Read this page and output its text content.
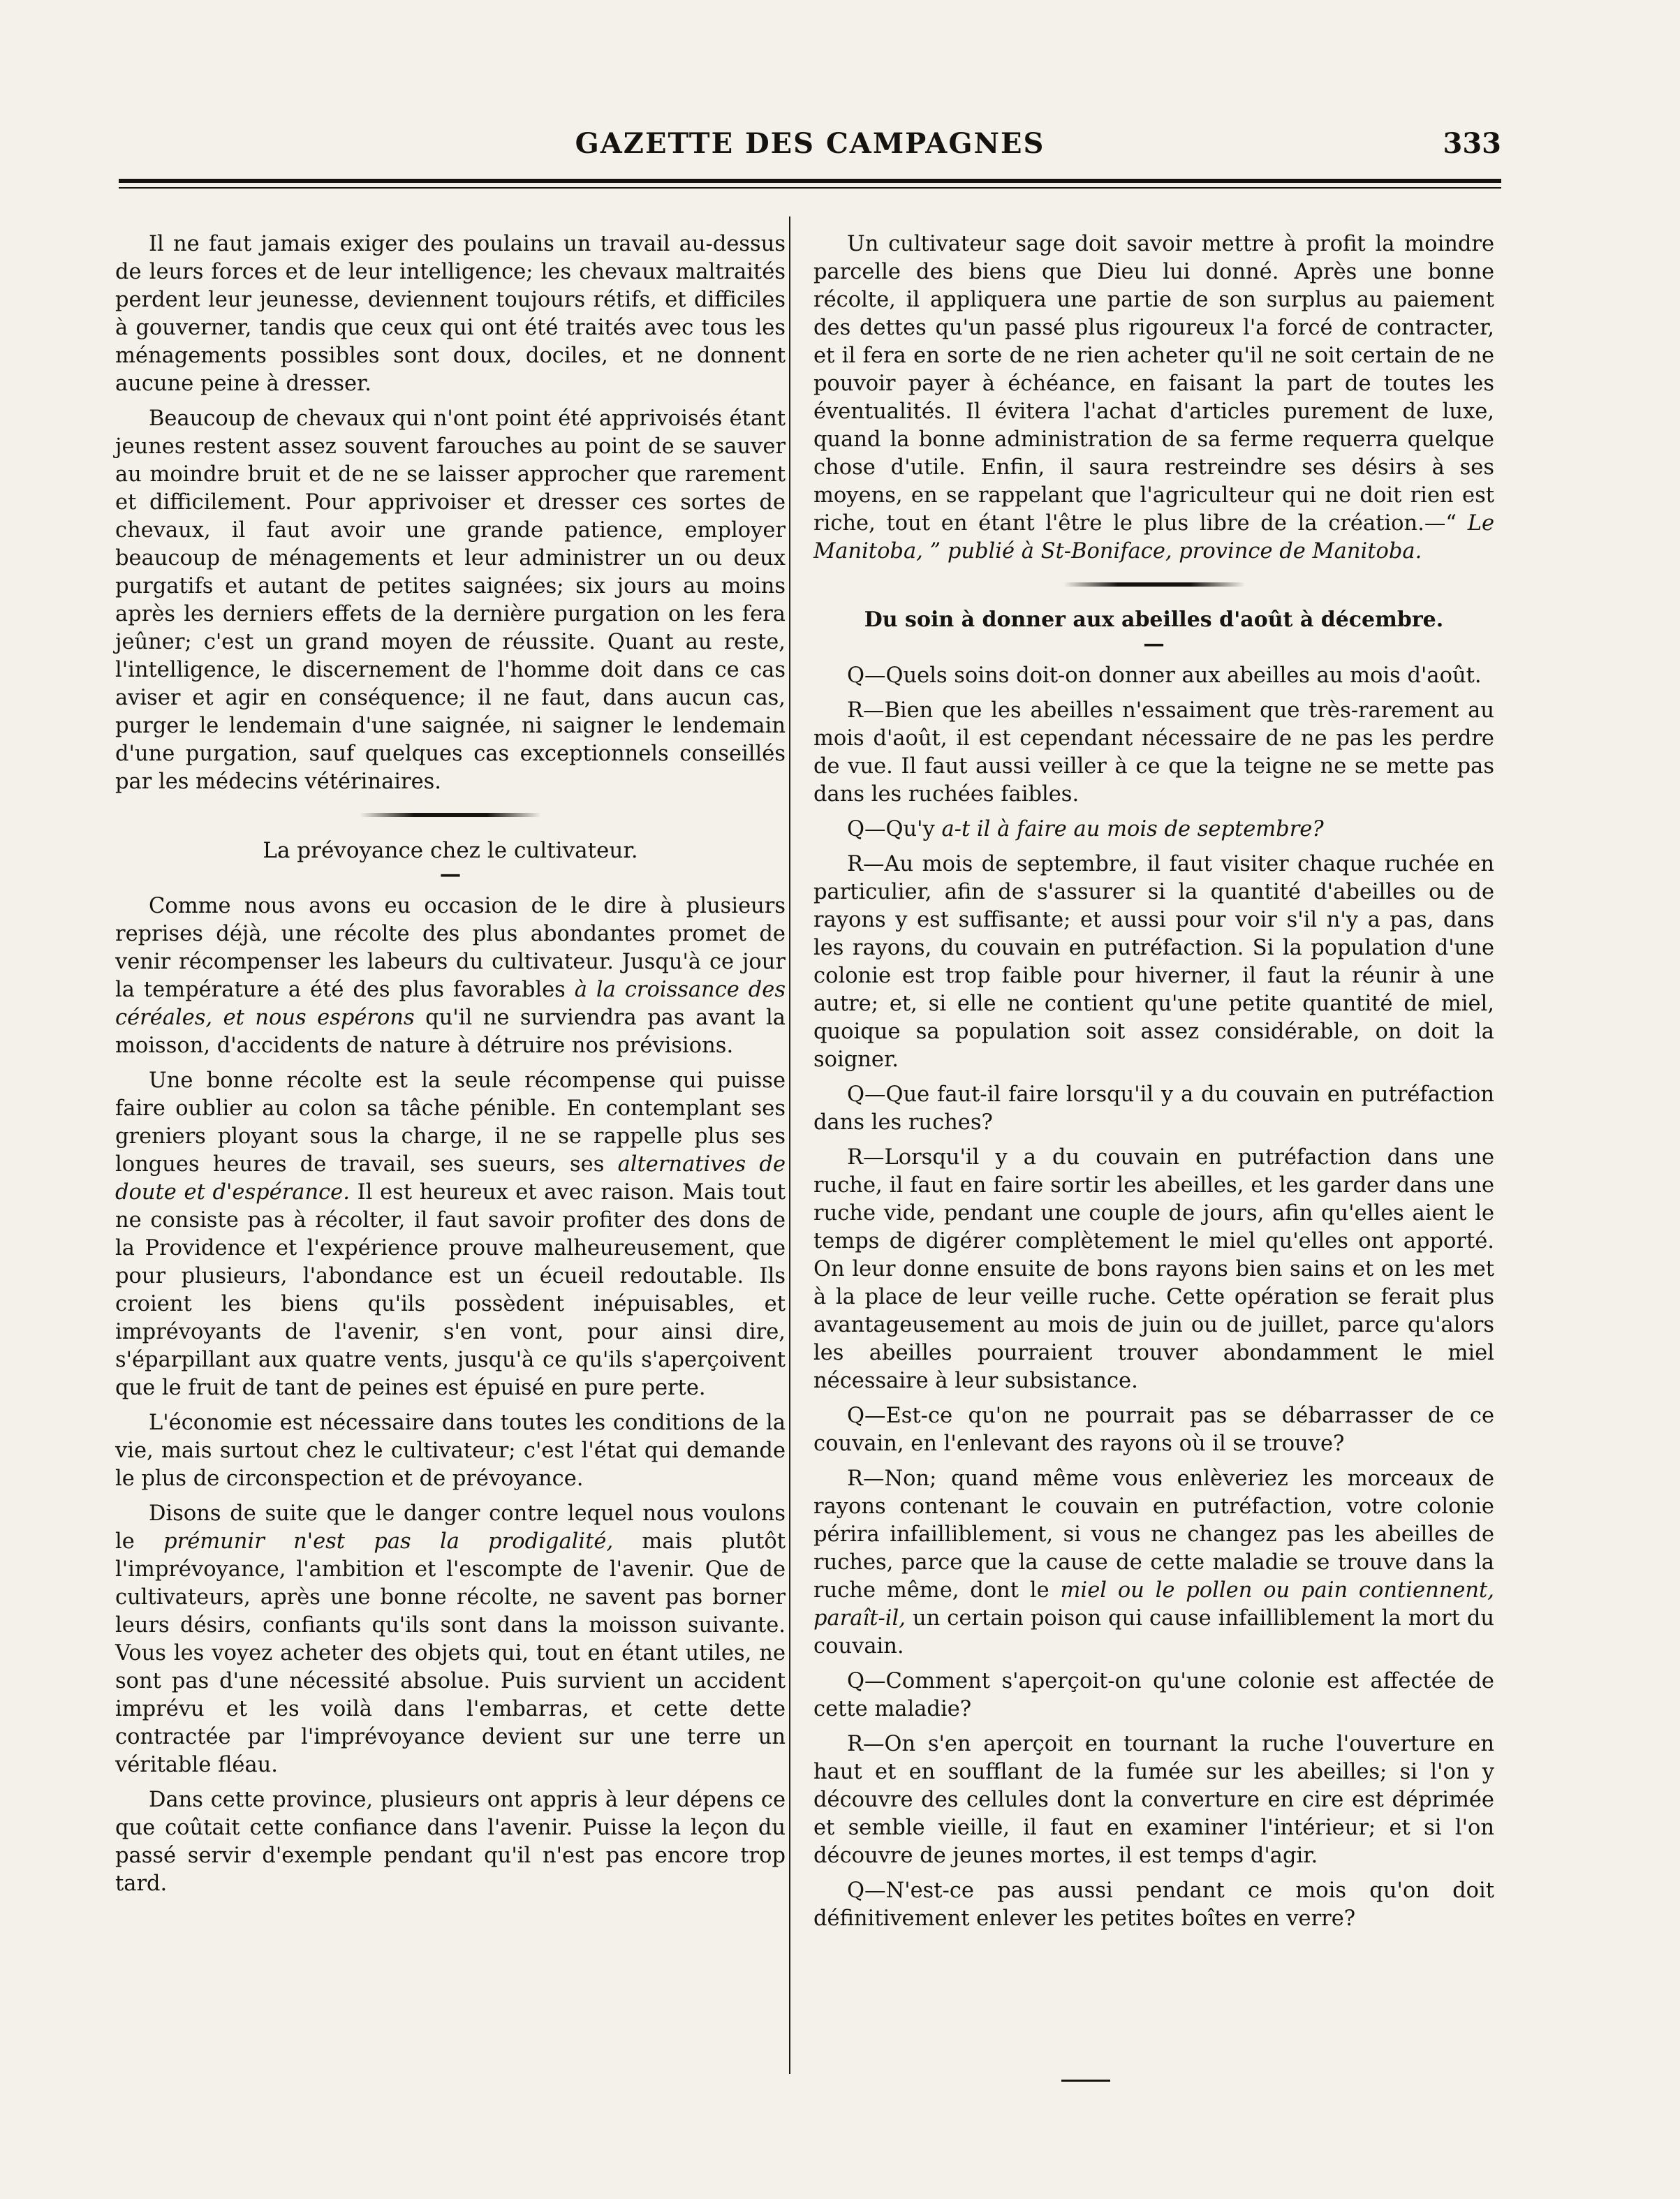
GAZETTE DES CAMPAGNES	333

Il ne faut jamais exiger des poulains un travail au-dessus de leurs forces et de leur intelligence; les chevaux maltraités perdent leur jeunesse, deviennent toujours rétifs, et difficiles à gouverner, tandis que ceux qui ont été traités avec tous les ménagements possibles sont doux, dociles, et ne donnent aucune peine à dresser.

Beaucoup de chevaux qui n'ont point été apprivoisés étant jeunes restent assez souvent farouches au point de se sauver au moindre bruit et de ne se laisser approcher que rarement et difficilement. Pour apprivoiser et dresser ces sortes de chevaux, il faut avoir une grande patience, employer beaucoup de ménagements et leur administrer un ou deux purgatifs et autant de petites saignées; six jours au moins après les derniers effets de la dernière purgation on les fera jeûner; c'est un grand moyen de réussite. Quant au reste, l'intelligence, le discernement de l'homme doit dans ce cas aviser et agir en conséquence; il ne faut, dans aucun cas, purger le lendemain d'une saignée, ni saigner le lendemain d'une purgation, sauf quelques cas exceptionnels conseillés par les médecins vétérinaires.

La prévoyance chez le cultivateur.
—

Comme nous avons eu occasion de le dire à plusieurs reprises déjà, une récolte des plus abondantes promet de venir récompenser les labeurs du cultivateur. Jusqu'à ce jour la température a été des plus favorables à la croissance des céréales, et nous espérons qu'il ne surviendra pas avant la moisson, d'accidents de nature à détruire nos prévisions.

Une bonne récolte est la seule récompense qui puisse faire oublier au colon sa tâche pénible. En contemplant ses greniers ployant sous la charge, il ne se rappelle plus ses longues heures de travail, ses sueurs, ses alternatives de doute et d'espérance. Il est heureux et avec raison. Mais tout ne consiste pas à récolter, il faut savoir profiter des dons de la Providence et l'expérience prouve malheureusement, que pour plusieurs, l'abondance est un écueil redoutable. Ils croient les biens qu'ils possèdent inépuisables, et imprévoyants de l'avenir, s'en vont, pour ainsi dire, s'éparpillant aux quatre vents, jusqu'à ce qu'ils s'aperçoivent que le fruit de tant de peines est épuisé en pure perte.

L'économie est nécessaire dans toutes les conditions de la vie, mais surtout chez le cultivateur; c'est l'état qui demande le plus de circonspection et de prévoyance.

Disons de suite que le danger contre lequel nous voulons le prémunir n'est pas la prodigalité, mais plutôt l'imprévoyance, l'ambition et l'escompte de l'avenir. Que de cultivateurs, après une bonne récolte, ne savent pas borner leurs désirs, confiants qu'ils sont dans la moisson suivante. Vous les voyez acheter des objets qui, tout en étant utiles, ne sont pas d'une nécessité absolue. Puis survient un accident imprévu et les voilà dans l'embarras, et cette dette contractée par l'imprévoyance devient sur une terre un véritable fléau.

Dans cette province, plusieurs ont appris à leur dépens ce que coûtait cette confiance dans l'avenir. Puisse la leçon du passé servir d'exemple pendant qu'il n'est pas encore trop tard.

Un cultivateur sage doit savoir mettre à profit la moindre parcelle des biens que Dieu lui donné. Après une bonne récolte, il appliquera une partie de son surplus au paiement des dettes qu'un passé plus rigoureux l'a forcé de contracter, et il fera en sorte de ne rien acheter qu'il ne soit certain de ne pouvoir payer à échéance, en faisant la part de toutes les éventualités. Il évitera l'achat d'articles purement de luxe, quand la bonne administration de sa ferme requerra quelque chose d'utile. Enfin, il saura restreindre ses désirs à ses moyens, en se rappelant que l'agriculteur qui ne doit rien est riche, tout en étant l'être le plus libre de la création.—“ Le Manitoba, ” publié à St-Boniface, province de Manitoba.

Du soin à donner aux abeilles d'août à décembre.
—

Q—Quels soins doit-on donner aux abeilles au mois d'août.

R—Bien que les abeilles n'essaiment que très-rarement au mois d'août, il est cependant nécessaire de ne pas les perdre de vue. Il faut aussi veiller à ce que la teigne ne se mette pas dans les ruchées faibles.

Q—Qu'y a-t il à faire au mois de septembre?

R—Au mois de septembre, il faut visiter chaque ruchée en particulier, afin de s'assurer si la quantité d'abeilles ou de rayons y est suffisante; et aussi pour voir s'il n'y a pas, dans les rayons, du couvain en putréfaction. Si la population d'une colonie est trop faible pour hiverner, il faut la réunir à une autre; et, si elle ne contient qu'une petite quantité de miel, quoique sa population soit assez considérable, on doit la soigner.

Q—Que faut-il faire lorsqu'il y a du couvain en putréfaction dans les ruches?

R—Lorsqu'il y a du couvain en putréfaction dans une ruche, il faut en faire sortir les abeilles, et les garder dans une ruche vide, pendant une couple de jours, afin qu'elles aient le temps de digérer complètement le miel qu'elles ont apporté. On leur donne ensuite de bons rayons bien sains et on les met à la place de leur veille ruche. Cette opération se ferait plus avantageusement au mois de juin ou de juillet, parce qu'alors les abeilles pourraient trouver abondamment le miel nécessaire à leur subsistance.

Q—Est-ce qu'on ne pourrait pas se débarrasser de ce couvain, en l'enlevant des rayons où il se trouve?

R—Non; quand même vous enlèveriez les morceaux de rayons contenant le couvain en putréfaction, votre colonie périra infailliblement, si vous ne changez pas les abeilles de ruches, parce que la cause de cette maladie se trouve dans la ruche même, dont le miel ou le pollen ou pain contiennent, paraît-il, un certain poison qui cause infailliblement la mort du couvain.

Q—Comment s'aperçoit-on qu'une colonie est affectée de cette maladie?

R—On s'en aperçoit en tournant la ruche l'ouverture en haut et en soufflant de la fumée sur les abeilles; si l'on y découvre des cellules dont la converture en cire est déprimée et semble vieille, il faut en examiner l'intérieur; et si l'on découvre de jeunes mortes, il est temps d'agir.

Q—N'est-ce pas aussi pendant ce mois qu'on doit définitivement enlever les petites boîtes en verre?
